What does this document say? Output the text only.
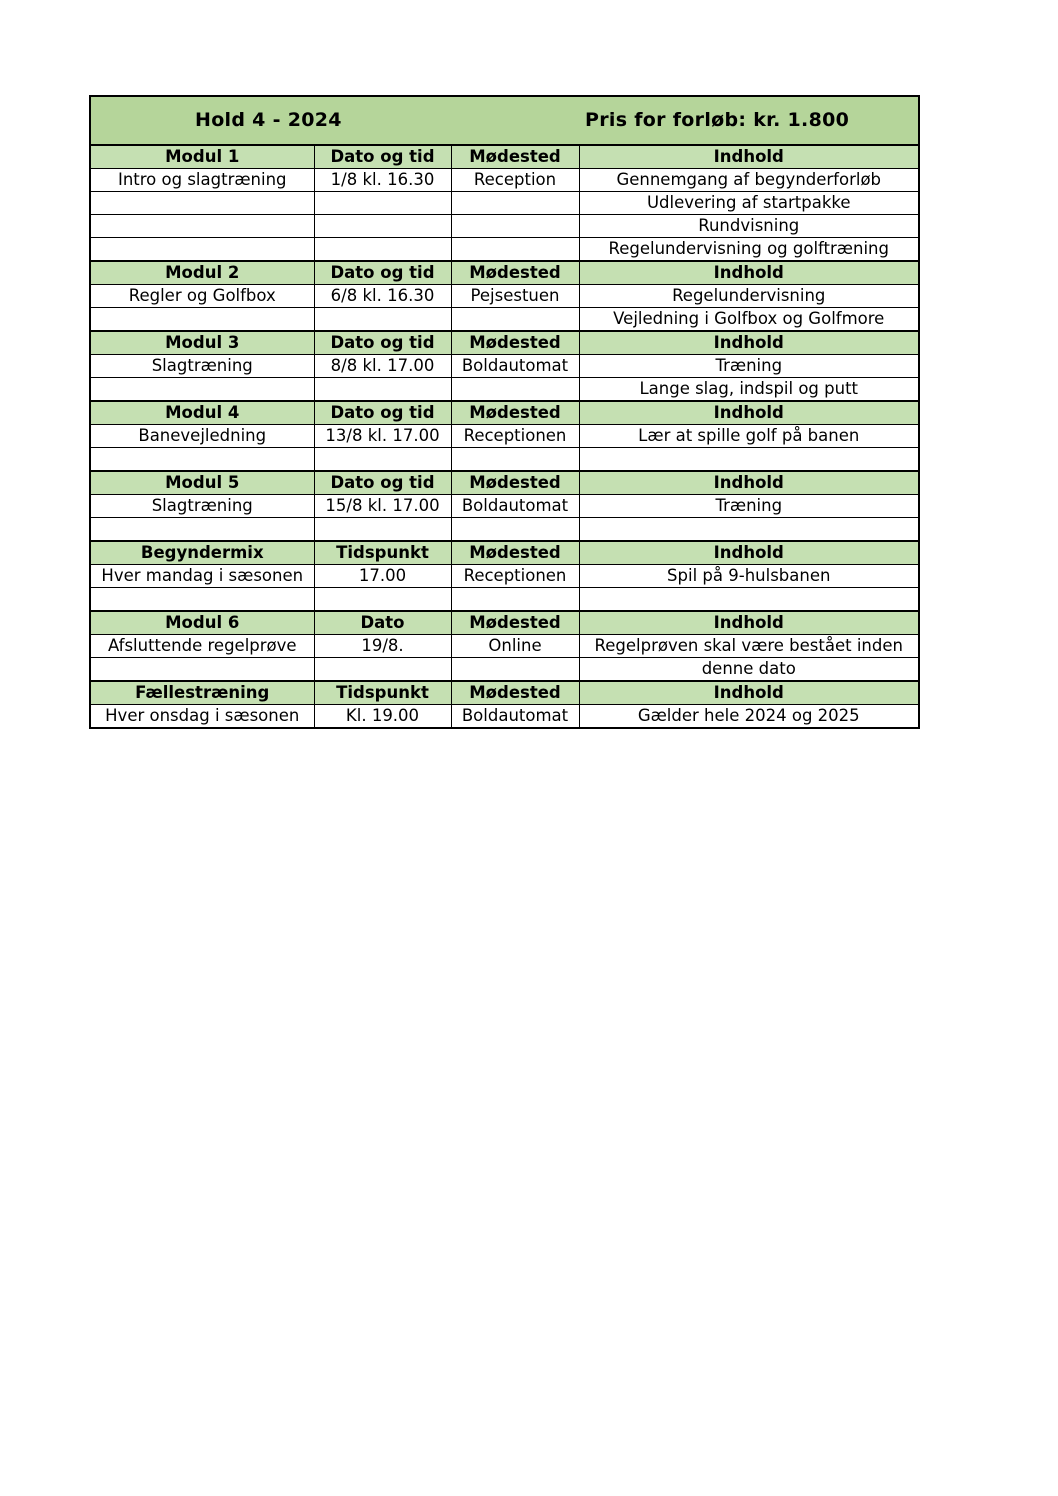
Hold 4 - 2024	Pris for forløb: kr. 1.800
Modul 1	Dato og tid	Mødested	Indhold
Intro og slagtræning	1/8 kl. 16.30	Reception	Gennemgang af begynderforløb
			Udlevering af startpakke
			Rundvisning
			Regelundervisning og golftræning
Modul 2	Dato og tid	Mødested	Indhold
Regler og Golfbox	6/8 kl. 16.30	Pejsestuen	Regelundervisning
			Vejledning i Golfbox og Golfmore
Modul 3	Dato og tid	Mødested	Indhold
Slagtræning	8/8 kl. 17.00	Boldautomat	Træning
			Lange slag, indspil og putt
Modul 4	Dato og tid	Mødested	Indhold
Banevejledning	13/8 kl. 17.00	Receptionen	Lær at spille golf på banen

Modul 5	Dato og tid	Mødested	Indhold
Slagtræning	15/8 kl. 17.00	Boldautomat	Træning

Begyndermix	Tidspunkt	Mødested	Indhold
Hver mandag i sæsonen	17.00	Receptionen	Spil på 9-hulsbanen

Modul 6	Dato	Mødested	Indhold
Afsluttende regelprøve	19/8.	Online	Regelprøven skal være bestået inden
			denne dato
Fællestræning	Tidspunkt	Mødested	Indhold
Hver onsdag i sæsonen	Kl. 19.00	Boldautomat	Gælder hele 2024 og 2025
